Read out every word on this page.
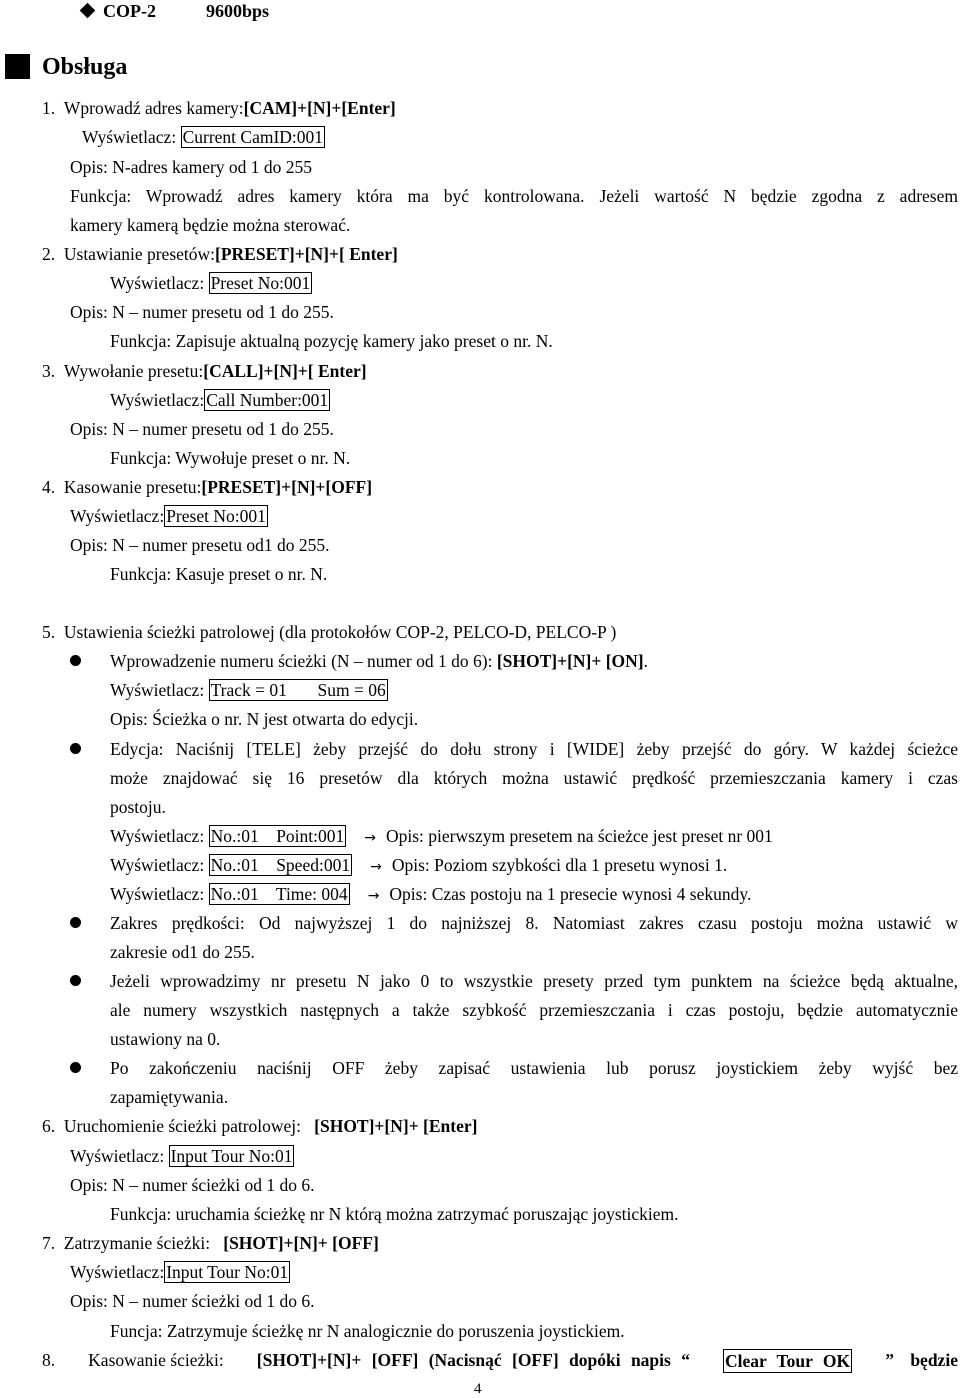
COP-2	9600bps
Obsługa
1. Wprowadź adres kamery:[CAM]+[N]+[Enter]
Wyświetlacz: Current CamID:001
Opis: N-adres kamery od 1 do 255
Funkcja: Wprowadź adres kamery która ma być kontrolowana. Jeżeli wartość N będzie zgodna z adresem
kamery kamerą będzie można sterować.
2. Ustawianie presetów:[PRESET]+[N]+[ Enter]
Wyświetlacz: Preset No:001
Opis: N – numer presetu od 1 do 255.
Funkcja: Zapisuje aktualną pozycję kamery jako preset o nr. N.
3. Wywołanie presetu:[CALL]+[N]+[ Enter]
Wyświetlacz: Call Number:001
Opis: N – numer presetu od 1 do 255.
Funkcja: Wywołuje preset o nr. N.
4. Kasowanie presetu:[PRESET]+[N]+[OFF]
Wyświetlacz: Preset No:001
Opis: N – numer presetu od1 do 255.
Funkcja: Kasuje preset o nr. N.
5. Ustawienia ścieżki patrolowej (dla protokołów COP-2, PELCO-D, PELCO-P )
Wprowadzenie numeru ścieżki (N – numer od 1 do 6): [SHOT]+[N]+ [ON].
Wyświetlacz: Track = 01       Sum = 06
Opis: Ścieżka o nr. N jest otwarta do edycji.
Edycja: Naciśnij [TELE] żeby przejść do dołu strony i [WIDE] żeby przejść do góry. W każdej ścieżce
może znajdować się 16 presetów dla których można ustawić prędkość przemieszczania kamery i czas
postoju.
Wyświetlacz: No.:01    Point:001 → Opis: pierwszym presetem na ścieżce jest preset nr 001
Wyświetlacz: No.:01    Speed:001 → Opis: Poziom szybkości dla 1 presetu wynosi 1.
Wyświetlacz: No.:01    Time: 004 → Opis: Czas postoju na 1 presecie wynosi 4 sekundy.
Zakres prędkości: Od najwyższej 1 do najniższej 8. Natomiast zakres czasu postoju można ustawić w
zakresie od1 do 255.
Jeżeli wprowadzimy nr presetu N jako 0 to wszystkie presety przed tym punktem na ścieżce będą aktualne,
ale numery wszystkich następnych a także szybkość przemieszczania i czas postoju, będzie automatycznie
ustawiony na 0.
Po zakończeniu naciśnij OFF żeby zapisać ustawienia lub porusz joystickiem żeby wyjść bez
zapamiętywania.
6. Uruchomienie ścieżki patrolowej:   [SHOT]+[N]+ [Enter]
Wyświetlacz: Input Tour No:01
Opis: N – numer ścieżki od 1 do 6.
Funkcja: uruchamia ścieżkę nr N którą można zatrzymać poruszając joystickiem.
7. Zatrzymanie ścieżki:   [SHOT]+[N]+ [OFF]
Wyświetlacz: Input Tour No:01
Opis: N – numer ścieżki od 1 do 6.
Funcja: Zatrzymuje ścieżkę nr N analogicznie do poruszenia joystickiem.
8. Kasowanie ścieżki: [SHOT]+[N]+ [OFF] (Nacisnąć [OFF] dopóki napis “ Clear Tour OK ” będzie
4
